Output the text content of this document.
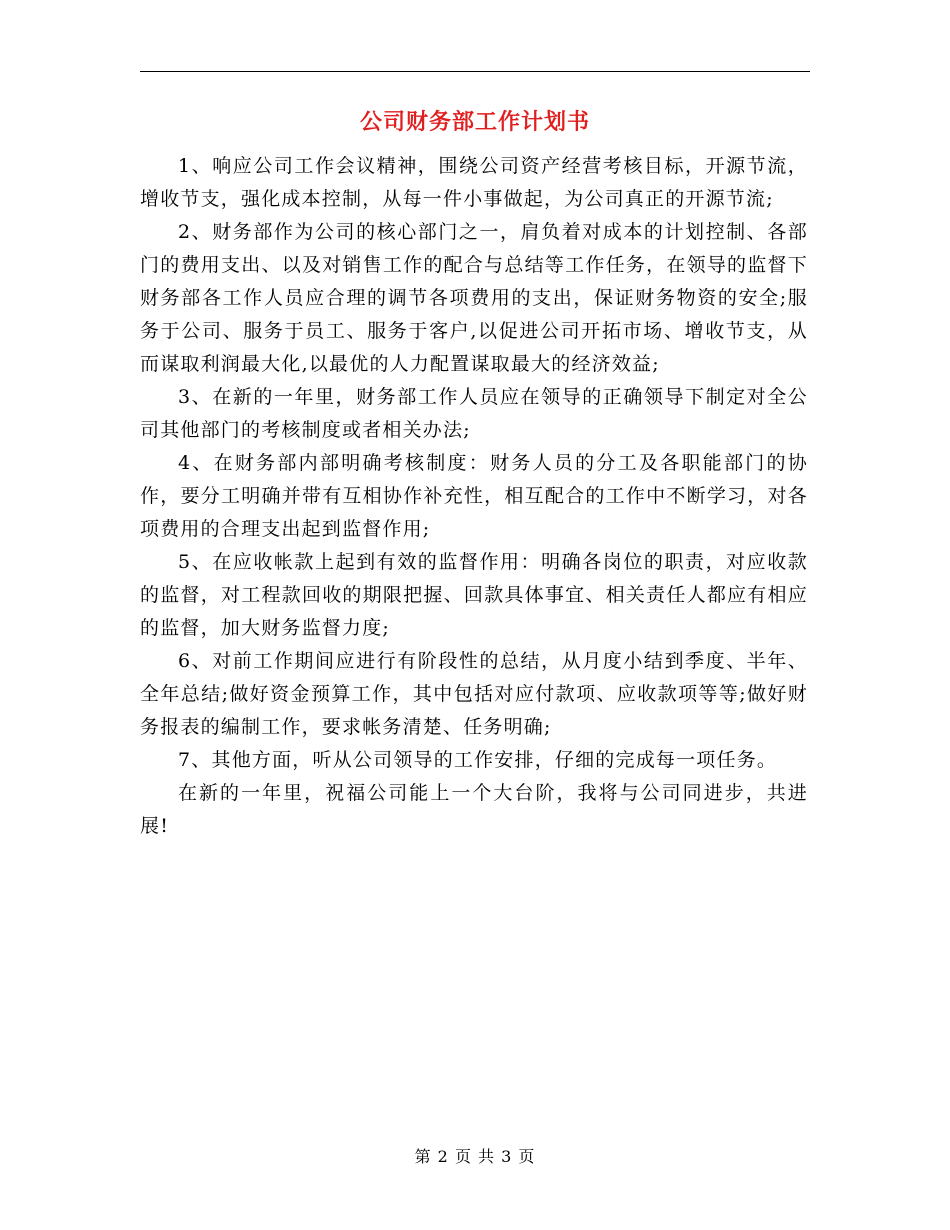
公司财务部工作计划书

1、响应公司工作会议精神，围绕公司资产经营考核目标，开源节流，增收节支，强化成本控制，从每一件小事做起，为公司真正的开源节流;

2、财务部作为公司的核心部门之一，肩负着对成本的计划控制、各部门的费用支出、以及对销售工作的配合与总结等工作任务，在领导的监督下财务部各工作人员应合理的调节各项费用的支出，保证财务物资的安全;服务于公司、服务于员工、服务于客户,以促进公司开拓市场、增收节支，从而谋取利润最大化,以最优的人力配置谋取最大的经济效益;

3、在新的一年里，财务部工作人员应在领导的正确领导下制定对全公司其他部门的考核制度或者相关办法;

4、在财务部内部明确考核制度：财务人员的分工及各职能部门的协作，要分工明确并带有互相协作补充性，相互配合的工作中不断学习，对各项费用的合理支出起到监督作用;

5、在应收帐款上起到有效的监督作用：明确各岗位的职责，对应收款的监督，对工程款回收的期限把握、回款具体事宜、相关责任人都应有相应的监督，加大财务监督力度;

6、对前工作期间应进行有阶段性的总结，从月度小结到季度、半年、全年总结;做好资金预算工作，其中包括对应付款项、应收款项等等;做好财务报表的编制工作，要求帐务清楚、任务明确;

7、其他方面，听从公司领导的工作安排，仔细的完成每一项任务。

在新的一年里，祝福公司能上一个大台阶，我将与公司同进步，共进展!

第 2 页 共 3 页
